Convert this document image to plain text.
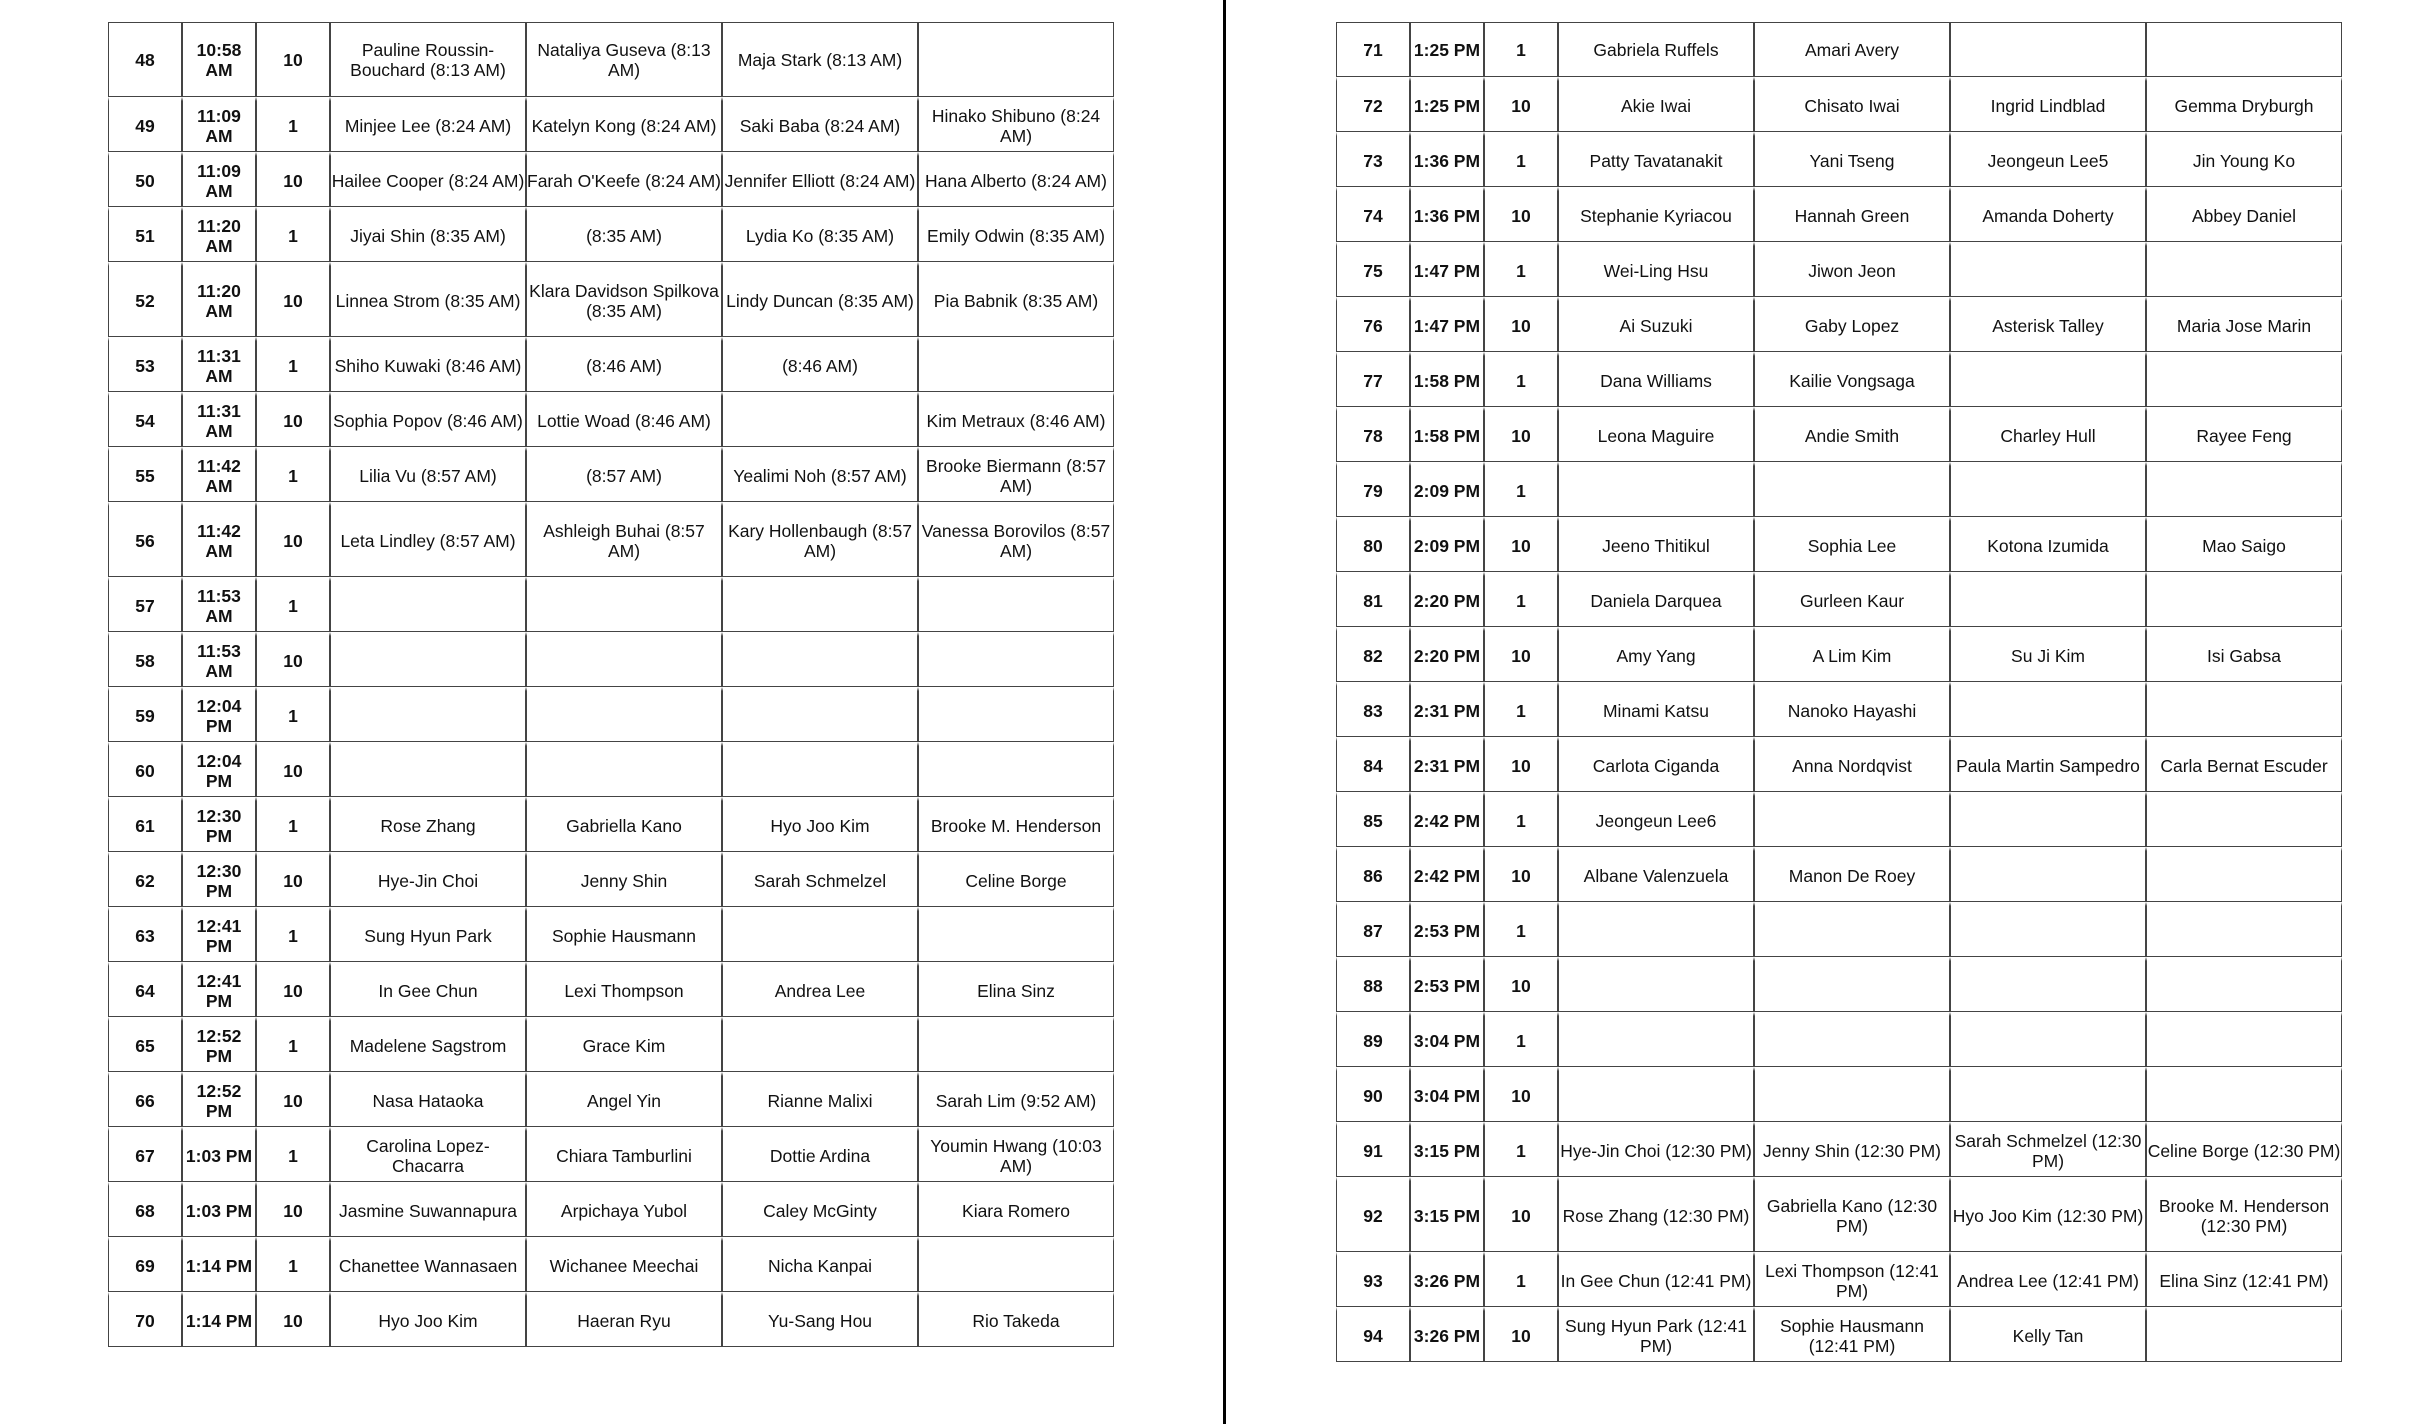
48	10:58 AM	10	Pauline Roussin-Bouchard (8:13 AM)	Nataliya Guseva (8:13 AM)	Maja Stark (8:13 AM)	
49	11:09 AM	1	Minjee Lee (8:24 AM)	Katelyn Kong (8:24 AM)	Saki Baba (8:24 AM)	Hinako Shibuno (8:24 AM)
50	11:09 AM	10	Hailee Cooper (8:24 AM)	Farah O'Keefe (8:24 AM)	Jennifer Elliott (8:24 AM)	Hana Alberto (8:24 AM)
51	11:20 AM	1	Jiyai Shin (8:35 AM)	(8:35 AM)	Lydia Ko (8:35 AM)	Emily Odwin (8:35 AM)
52	11:20 AM	10	Linnea Strom (8:35 AM)	Klara Davidson Spilkova (8:35 AM)	Lindy Duncan (8:35 AM)	Pia Babnik (8:35 AM)
53	11:31 AM	1	Shiho Kuwaki (8:46 AM)	(8:46 AM)	(8:46 AM)	
54	11:31 AM	10	Sophia Popov (8:46 AM)	Lottie Woad (8:46 AM)		Kim Metraux (8:46 AM)
55	11:42 AM	1	Lilia Vu (8:57 AM)	(8:57 AM)	Yealimi Noh (8:57 AM)	Brooke Biermann (8:57 AM)
56	11:42 AM	10	Leta Lindley (8:57 AM)	Ashleigh Buhai (8:57 AM)	Kary Hollenbaugh (8:57 AM)	Vanessa Borovilos (8:57 AM)
57	11:53 AM	1				
58	11:53 AM	10				
59	12:04 PM	1				
60	12:04 PM	10				
61	12:30 PM	1	Rose Zhang	Gabriella Kano	Hyo Joo Kim	Brooke M. Henderson
62	12:30 PM	10	Hye-Jin Choi	Jenny Shin	Sarah Schmelzel	Celine Borge
63	12:41 PM	1	Sung Hyun Park	Sophie Hausmann		
64	12:41 PM	10	In Gee Chun	Lexi Thompson	Andrea Lee	Elina Sinz
65	12:52 PM	1	Madelene Sagstrom	Grace Kim		
66	12:52 PM	10	Nasa Hataoka	Angel Yin	Rianne Malixi	Sarah Lim (9:52 AM)
67	1:03 PM	1	Carolina Lopez-Chacarra	Chiara Tamburlini	Dottie Ardina	Youmin Hwang (10:03 AM)
68	1:03 PM	10	Jasmine Suwannapura	Arpichaya Yubol	Caley McGinty	Kiara Romero
69	1:14 PM	1	Chanettee Wannasaen	Wichanee Meechai	Nicha Kanpai	
70	1:14 PM	10	Hyo Joo Kim	Haeran Ryu	Yu-Sang Hou	Rio Takeda
71	1:25 PM	1	Gabriela Ruffels	Amari Avery		
72	1:25 PM	10	Akie Iwai	Chisato Iwai	Ingrid Lindblad	Gemma Dryburgh
73	1:36 PM	1	Patty Tavatanakit	Yani Tseng	Jeongeun Lee5	Jin Young Ko
74	1:36 PM	10	Stephanie Kyriacou	Hannah Green	Amanda Doherty	Abbey Daniel
75	1:47 PM	1	Wei-Ling Hsu	Jiwon Jeon		
76	1:47 PM	10	Ai Suzuki	Gaby Lopez	Asterisk Talley	Maria Jose Marin
77	1:58 PM	1	Dana Williams	Kailie Vongsaga		
78	1:58 PM	10	Leona Maguire	Andie Smith	Charley Hull	Rayee Feng
79	2:09 PM	1				
80	2:09 PM	10	Jeeno Thitikul	Sophia Lee	Kotona Izumida	Mao Saigo
81	2:20 PM	1	Daniela Darquea	Gurleen Kaur		
82	2:20 PM	10	Amy Yang	A Lim Kim	Su Ji Kim	Isi Gabsa
83	2:31 PM	1	Minami Katsu	Nanoko Hayashi		
84	2:31 PM	10	Carlota Ciganda	Anna Nordqvist	Paula Martin Sampedro	Carla Bernat Escuder
85	2:42 PM	1	Jeongeun Lee6			
86	2:42 PM	10	Albane Valenzuela	Manon De Roey		
87	2:53 PM	1				
88	2:53 PM	10				
89	3:04 PM	1				
90	3:04 PM	10				
91	3:15 PM	1	Hye-Jin Choi (12:30 PM)	Jenny Shin (12:30 PM)	Sarah Schmelzel (12:30 PM)	Celine Borge (12:30 PM)
92	3:15 PM	10	Rose Zhang (12:30 PM)	Gabriella Kano (12:30 PM)	Hyo Joo Kim (12:30 PM)	Brooke M. Henderson (12:30 PM)
93	3:26 PM	1	In Gee Chun (12:41 PM)	Lexi Thompson (12:41 PM)	Andrea Lee (12:41 PM)	Elina Sinz (12:41 PM)
94	3:26 PM	10	Sung Hyun Park (12:41 PM)	Sophie Hausmann (12:41 PM)	Kelly Tan	
